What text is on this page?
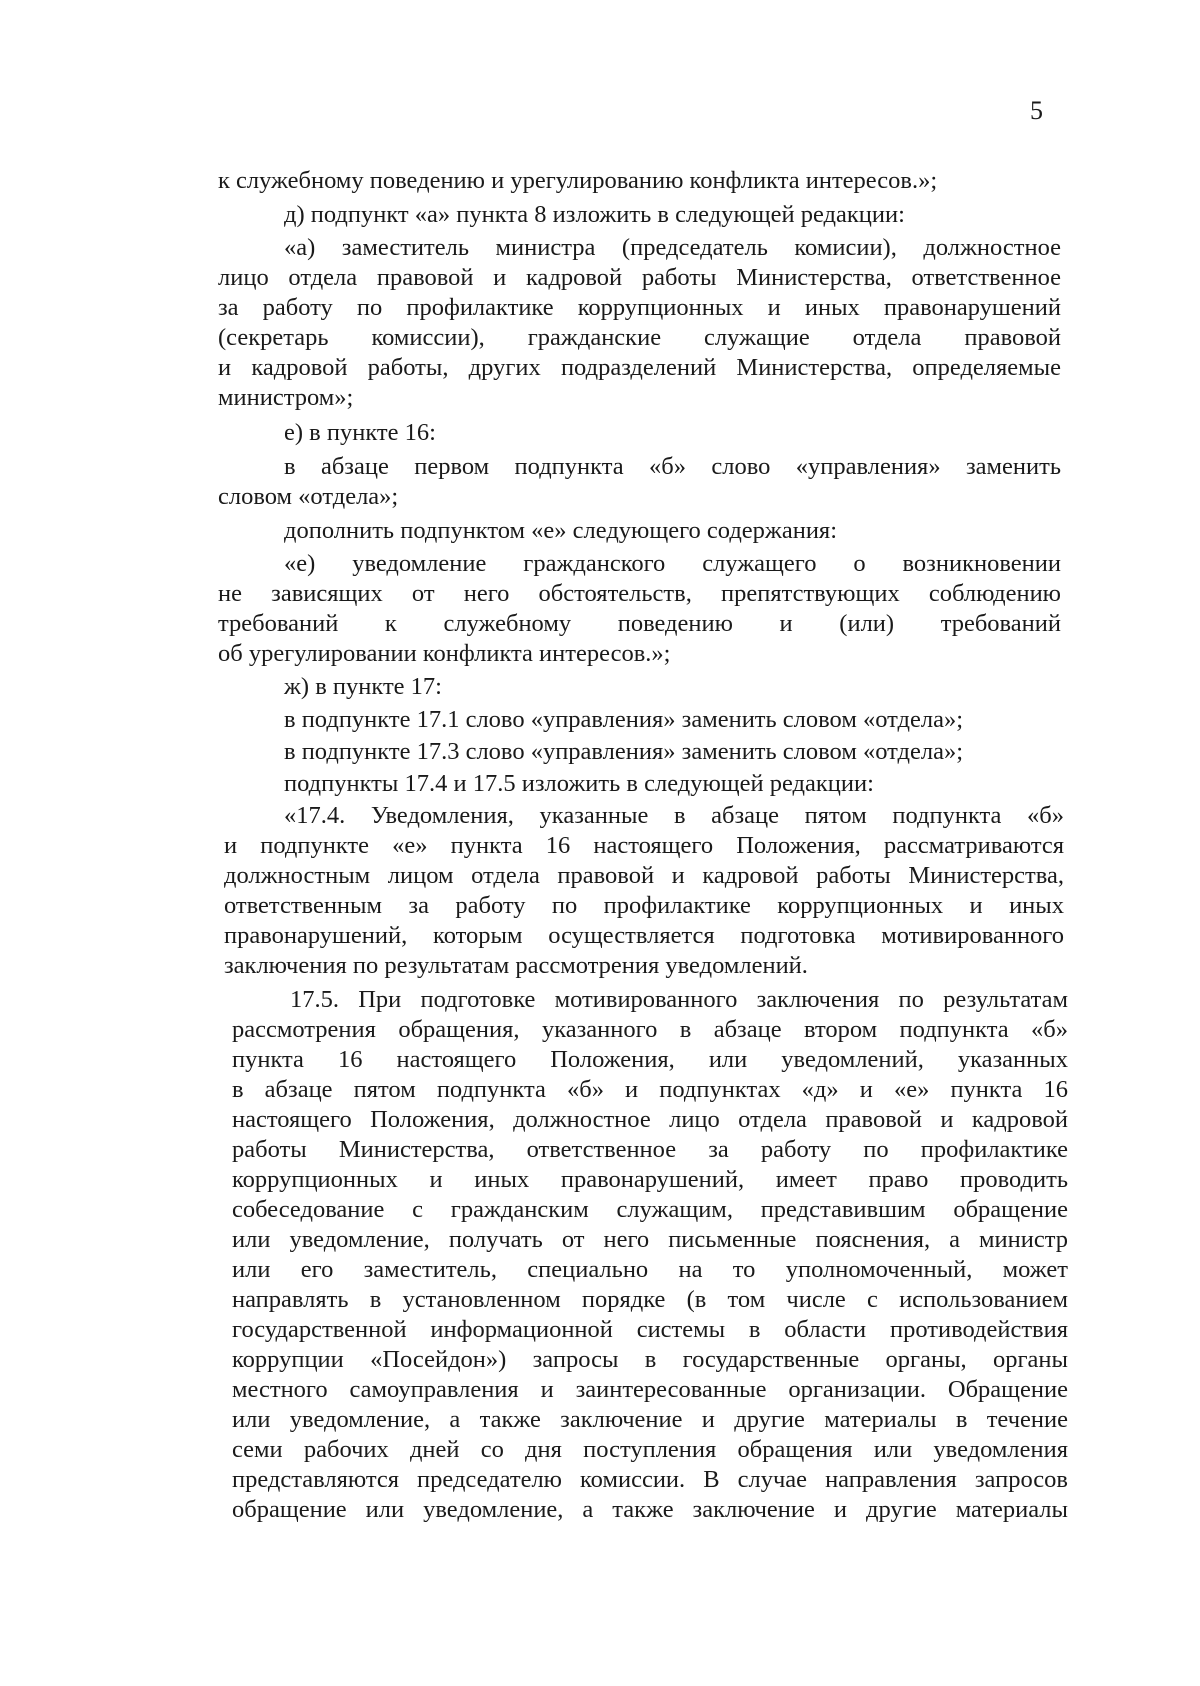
5
к служебному поведению и урегулированию конфликта интересов.»;
д) подпункт «а» пункта 8 изложить в следующей редакции:
«а) заместитель министра (председатель комисии), должностное
лицо отдела правовой и кадровой работы Министерства, ответственное
за работу по профилактике коррупционных и иных правонарушений
(секретарь комиссии), гражданские служащие отдела правовой
и кадровой работы, других подразделений Министерства, определяемые
министром»;
е) в пункте 16:
в абзаце первом подпункта «б» слово «управления» заменить
словом «отдела»;
дополнить подпунктом «е» следующего содержания:
«е) уведомление гражданского служащего о возникновении
не зависящих от него обстоятельств, препятствующих соблюдению
требований к служебному поведению и (или) требований
об урегулировании конфликта интересов.»;
ж) в пункте 17:
в подпункте 17.1 слово «управления» заменить словом «отдела»;
в подпункте 17.3 слово «управления» заменить словом «отдела»;
подпункты 17.4 и 17.5 изложить в следующей редакции:
«17.4. Уведомления, указанные в абзаце пятом подпункта «б»
и подпункте «е» пункта 16 настоящего Положения, рассматриваются
должностным лицом отдела правовой и кадровой работы Министерства,
ответственным за работу по профилактике коррупционных и иных
правонарушений, которым осуществляется подготовка мотивированного
заключения по результатам рассмотрения уведомлений.
17.5. При подготовке мотивированного заключения по результатам
рассмотрения обращения, указанного в абзаце втором подпункта «б»
пункта 16 настоящего Положения, или уведомлений, указанных
в абзаце пятом подпункта «б» и подпунктах «д» и «е» пункта 16
настоящего Положения, должностное лицо отдела правовой и кадровой
работы Министерства, ответственное за работу по профилактике
коррупционных и иных правонарушений, имеет право проводить
собеседование с гражданским служащим, представившим обращение
или уведомление, получать от него письменные пояснения, а министр
или его заместитель, специально на то уполномоченный, может
направлять в установленном порядке (в том числе с использованием
государственной информационной системы в области противодействия
коррупции «Посейдон») запросы в государственные органы, органы
местного самоуправления и заинтересованные организации. Обращение
или уведомление, а также заключение и другие материалы в течение
семи рабочих дней со дня поступления обращения или уведомления
представляются председателю комиссии. В случае направления запросов
обращение или уведомление, а также заключение и другие материалы
